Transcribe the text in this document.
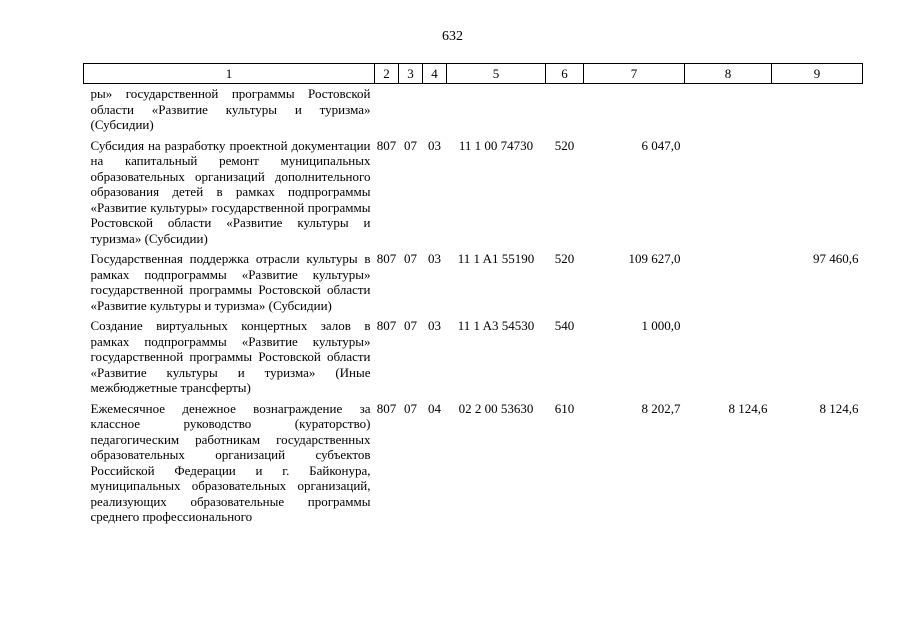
632
1	2	3	4	5	6	7	8	9
ры» государственной программы Ростовской области «Развитие культуры и туризма» (Субсидии)								
Субсидия на разработку проектной документации на капитальный ремонт муниципальных образовательных организаций дополнительного образования детей в рамках подпрограммы «Развитие культуры» государственной программы Ростовской области «Развитие культуры и туризма» (Субсидии)	807	07	03	11 1 00 74730	520	6 047,0		
Государственная поддержка отрасли культуры в рамках подпрограммы «Развитие культуры» государственной программы Ростовской области «Развитие культуры и туризма» (Субсидии)	807	07	03	11 1 A1 55190	520	109 627,0		97 460,6
Создание виртуальных концертных залов в рамках подпрограммы «Развитие культуры» государственной программы Ростовской области «Развитие культуры и туризма» (Иные межбюджетные трансферты)	807	07	03	11 1 A3 54530	540	1 000,0		
Ежемесячное денежное вознаграждение за классное руководство (кураторство) педагогическим работникам государственных образовательных организаций субъектов Российской Федерации и г. Байконура, муниципальных образовательных организаций, реализующих образовательные программы среднего профессионального	807	07	04	02 2 00 53630	610	8 202,7	8 124,6	8 124,6
